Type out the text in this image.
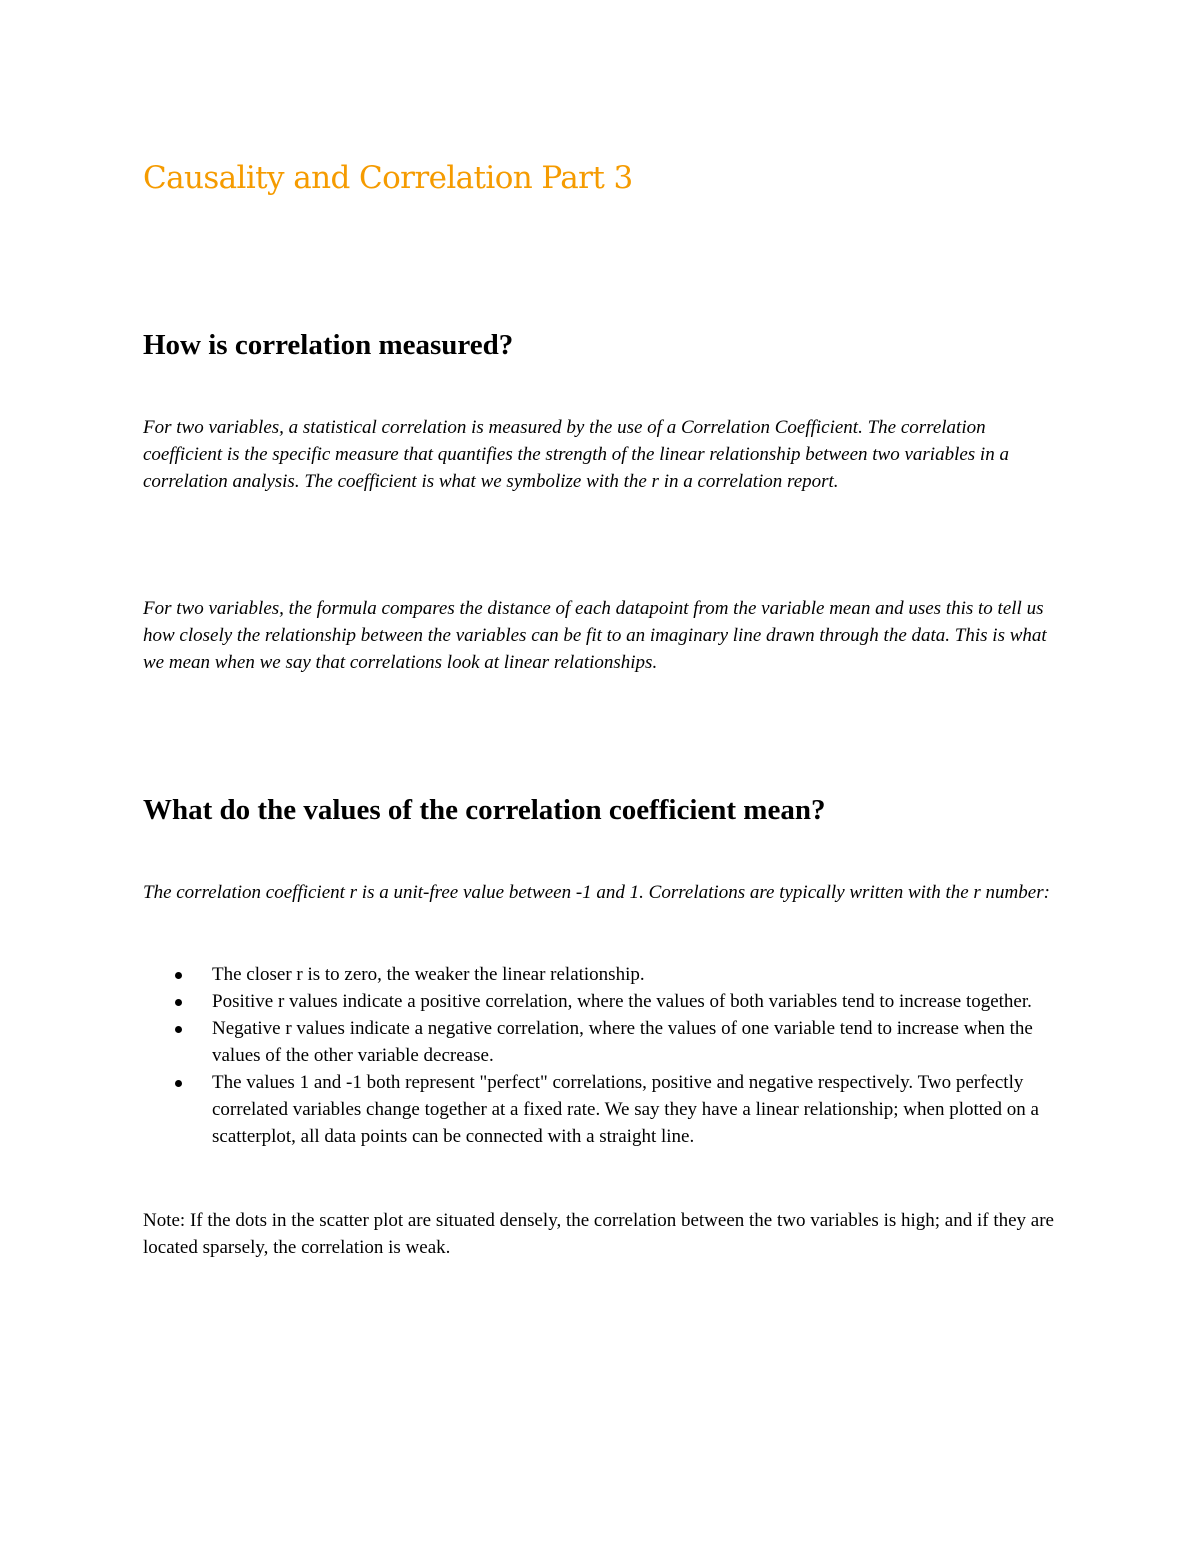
Causality and Correlation Part 3
How is correlation measured?

For two variables, a statistical correlation is measured by the use of a Correlation Coefficient. The correlation coefficient is the specific measure that quantifies the strength of the linear relationship between two variables in a correlation analysis. The coefficient is what we symbolize with the r in a correlation report.

For two variables, the formula compares the distance of each datapoint from the variable mean and uses this to tell us how closely the relationship between the variables can be fit to an imaginary line drawn through the data. This is what we mean when we say that correlations look at linear relationships.

What do the values of the correlation coefficient mean?

The correlation coefficient r is a unit-free value between -1 and 1. Correlations are typically written with the r number:

The closer r is to zero, the weaker the linear relationship.
Positive r values indicate a positive correlation, where the values of both variables tend to increase together.
Negative r values indicate a negative correlation, where the values of one variable tend to increase when the values of the other variable decrease.
The values 1 and -1 both represent "perfect" correlations, positive and negative respectively. Two perfectly correlated variables change together at a fixed rate. We say they have a linear relationship; when plotted on a scatterplot, all data points can be connected with a straight line.

Note: If the dots in the scatter plot are situated densely, the correlation between the two variables is high; and if they are located sparsely, the correlation is weak.
